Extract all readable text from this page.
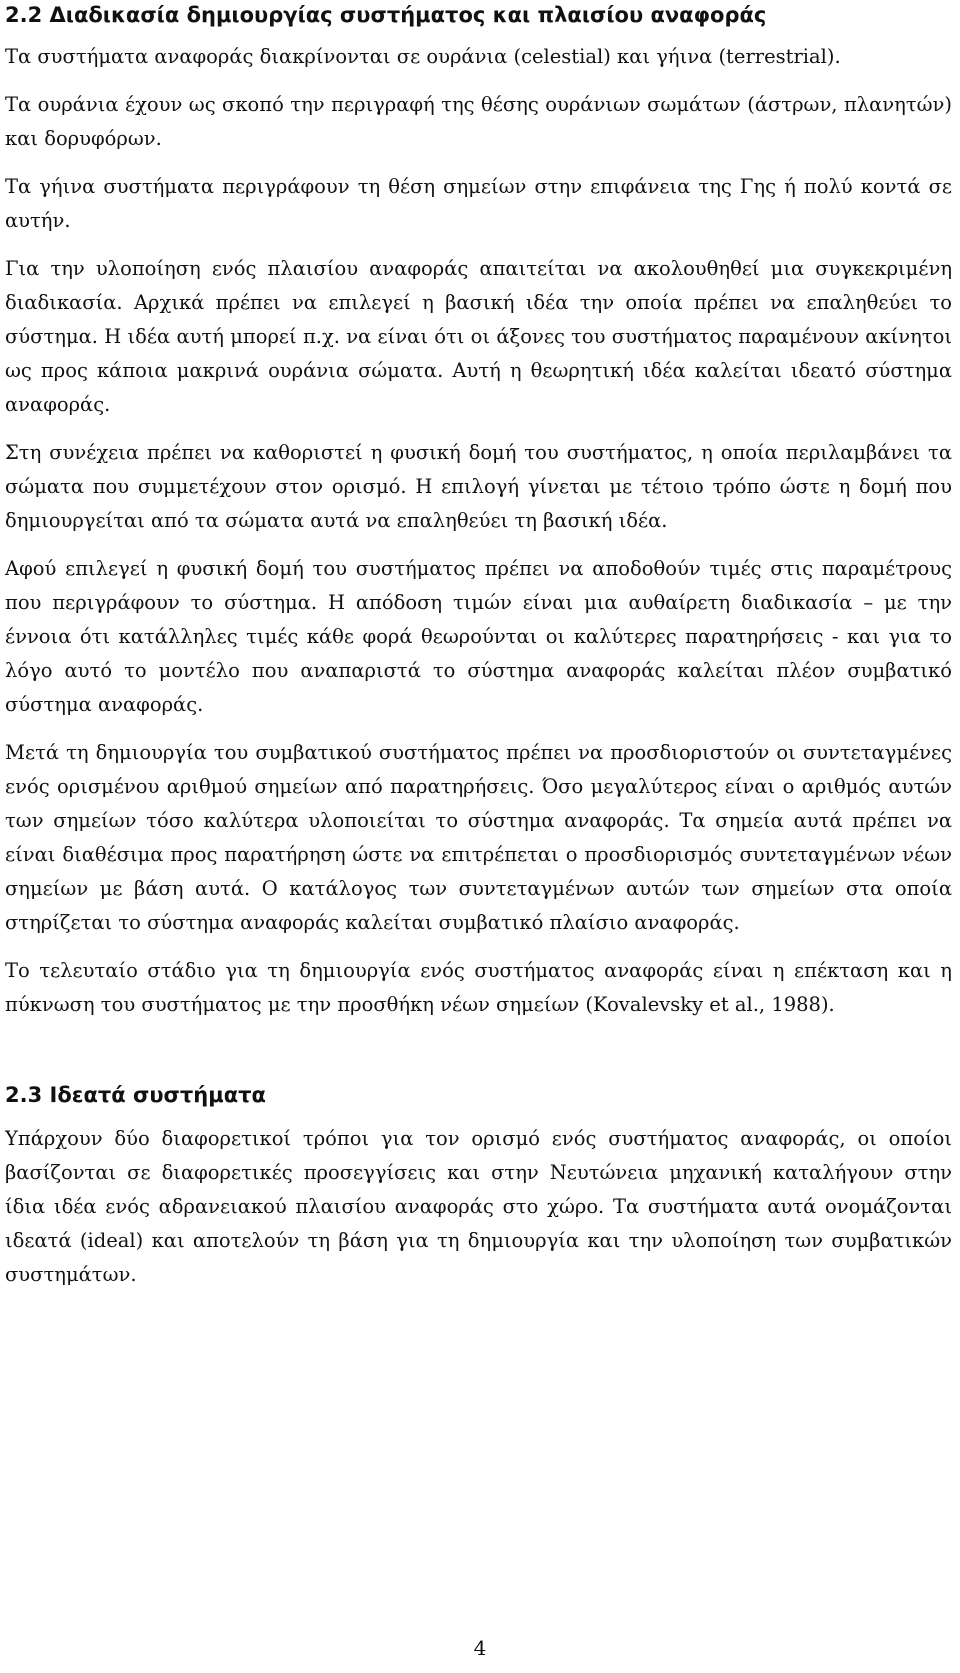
2.2 Διαδικασία δημιουργίας συστήματος και πλαισίου αναφοράς

Τα συστήματα αναφοράς διακρίνονται σε ουράνια (celestial) και γήινα (terrestrial).

Τα ουράνια έχουν ως σκοπό την περιγραφή της θέσης ουράνιων σωμάτων (άστρων, πλανητών) και δορυφόρων.

Τα γήινα συστήματα περιγράφουν τη θέση σημείων στην επιφάνεια της Γης ή πολύ κοντά σε αυτήν.

Για την υλοποίηση ενός πλαισίου αναφοράς απαιτείται να ακολουθηθεί μια συγκεκριμένη διαδικασία. Αρχικά πρέπει να επιλεγεί η βασική ιδέα την οποία πρέπει να επαληθεύει το σύστημα. Η ιδέα αυτή μπορεί π.χ. να είναι ότι οι άξονες του συστήματος παραμένουν ακίνητοι ως προς κάποια μακρινά ουράνια σώματα. Αυτή η θεωρητική ιδέα καλείται ιδεατό σύστημα αναφοράς.

Στη συνέχεια πρέπει να καθοριστεί η φυσική δομή του συστήματος, η οποία περιλαμβάνει τα σώματα που συμμετέχουν στον ορισμό. Η επιλογή γίνεται με τέτοιο τρόπο ώστε η δομή που δημιουργείται από τα σώματα αυτά να επαληθεύει τη βασική ιδέα.

Αφού επιλεγεί η φυσική δομή του συστήματος πρέπει να αποδοθούν τιμές στις παραμέτρους που περιγράφουν το σύστημα. Η απόδοση τιμών είναι μια αυθαίρετη διαδικασία – με την έννοια ότι κατάλληλες τιμές κάθε φορά θεωρούνται οι καλύτερες παρατηρήσεις - και για το λόγο αυτό το μοντέλο που αναπαριστά το σύστημα αναφοράς καλείται πλέον συμβατικό σύστημα αναφοράς.

Μετά τη δημιουργία του συμβατικού συστήματος πρέπει να προσδιοριστούν οι συντεταγμένες ενός ορισμένου αριθμού σημείων από παρατηρήσεις. Όσο μεγαλύτερος είναι ο αριθμός αυτών των σημείων τόσο καλύτερα υλοποιείται το σύστημα αναφοράς. Τα σημεία αυτά πρέπει να είναι διαθέσιμα προς παρατήρηση ώστε να επιτρέπεται ο προσδιορισμός συντεταγμένων νέων σημείων με βάση αυτά. Ο κατάλογος των συντεταγμένων αυτών των σημείων στα οποία στηρίζεται το σύστημα αναφοράς καλείται συμβατικό πλαίσιο αναφοράς.

Το τελευταίο στάδιο για τη δημιουργία ενός συστήματος αναφοράς είναι η επέκταση και η πύκνωση του συστήματος με την προσθήκη νέων σημείων (Kovalevsky et al., 1988).

2.3 Ιδεατά συστήματα

Υπάρχουν δύο διαφορετικοί τρόποι για τον ορισμό ενός συστήματος αναφοράς, οι οποίοι βασίζονται σε διαφορετικές προσεγγίσεις και στην Νευτώνεια μηχανική καταλήγουν στην ίδια ιδέα ενός αδρανειακού πλαισίου αναφοράς στο χώρο. Τα συστήματα αυτά ονομάζονται ιδεατά (ideal) και αποτελούν τη βάση για τη δημιουργία και την υλοποίηση των συμβατικών συστημάτων.

4
